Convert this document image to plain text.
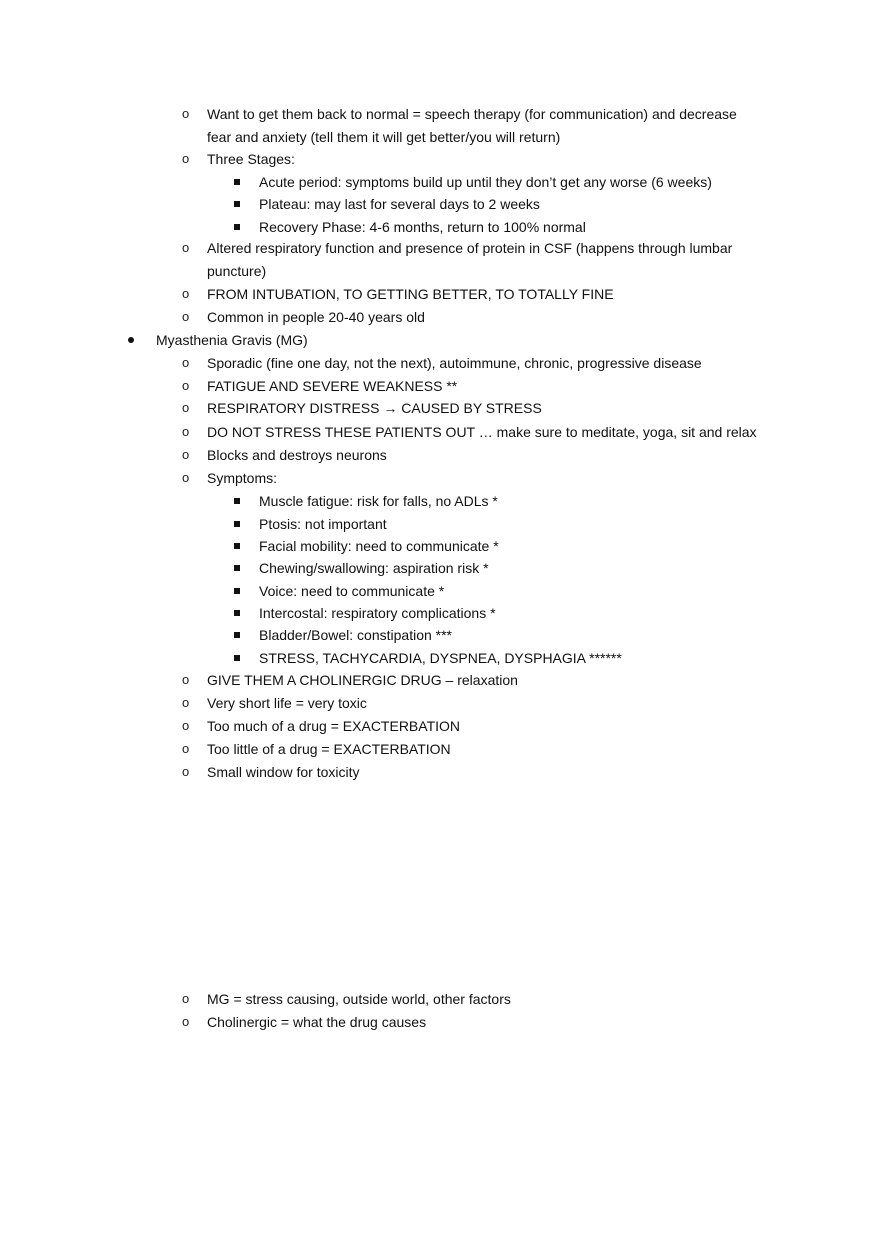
o Want to get them back to normal = speech therapy (for communication) and decrease
fear and anxiety (tell them it will get better/you will return)
o Three Stages:
Acute period: symptoms build up until they don’t get any worse (6 weeks)
Plateau: may last for several days to 2 weeks
Recovery Phase: 4-6 months, return to 100% normal
o Altered respiratory function and presence of protein in CSF (happens through lumbar
puncture)
o FROM INTUBATION, TO GETTING BETTER, TO TOTALLY FINE
o Common in people 20-40 years old
Myasthenia Gravis (MG)
o Sporadic (fine one day, not the next), autoimmune, chronic, progressive disease
o FATIGUE AND SEVERE WEAKNESS **
o RESPIRATORY DISTRESS → CAUSED BY STRESS
o DO NOT STRESS THESE PATIENTS OUT … make sure to meditate, yoga, sit and relax
o Blocks and destroys neurons
o Symptoms:
Muscle fatigue: risk for falls, no ADLs *
Ptosis: not important
Facial mobility: need to communicate *
Chewing/swallowing: aspiration risk *
Voice: need to communicate *
Intercostal: respiratory complications *
Bladder/Bowel: constipation ***
STRESS, TACHYCARDIA, DYSPNEA, DYSPHAGIA ******
o GIVE THEM A CHOLINERGIC DRUG – relaxation
o Very short life = very toxic
o Too much of a drug = EXACTERBATION
o Too little of a drug = EXACTERBATION
o Small window for toxicity
o MG = stress causing, outside world, other factors
o Cholinergic = what the drug causes
